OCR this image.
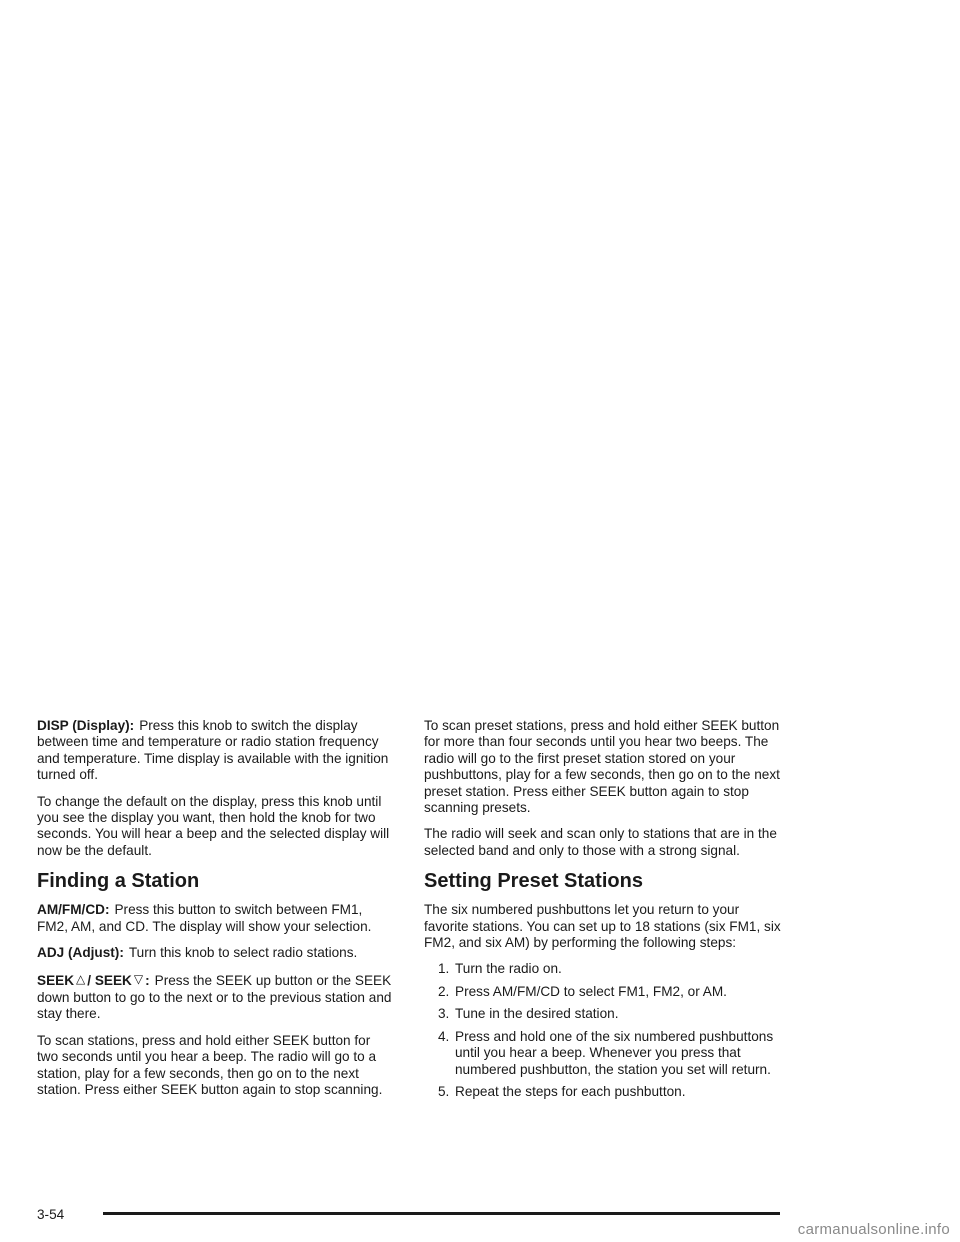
DISP (Display): Press this knob to switch the display between time and temperature or radio station frequency and temperature. Time display is available with the ignition turned off.

To change the default on the display, press this knob until you see the display you want, then hold the knob for two seconds. You will hear a beep and the selected display will now be the default.

Finding a Station

AM/FM/CD: Press this button to switch between FM1, FM2, AM, and CD. The display will show your selection.

ADJ (Adjust): Turn this knob to select radio stations.

SEEK △ / SEEK ▽ : Press the SEEK up button or the SEEK down button to go to the next or to the previous station and stay there.

To scan stations, press and hold either SEEK button for two seconds until you hear a beep. The radio will go to a station, play for a few seconds, then go on to the next station. Press either SEEK button again to stop scanning.

To scan preset stations, press and hold either SEEK button for more than four seconds until you hear two beeps. The radio will go to the first preset station stored on your pushbuttons, play for a few seconds, then go on to the next preset station. Press either SEEK button again to stop scanning presets.

The radio will seek and scan only to stations that are in the selected band and only to those with a strong signal.

Setting Preset Stations

The six numbered pushbuttons let you return to your favorite stations. You can set up to 18 stations (six FM1, six FM2, and six AM) by performing the following steps:

1. Turn the radio on.
2. Press AM/FM/CD to select FM1, FM2, or AM.
3. Tune in the desired station.
4. Press and hold one of the six numbered pushbuttons until you hear a beep. Whenever you press that numbered pushbutton, the station you set will return.
5. Repeat the steps for each pushbutton.
3-54
carmanualsonline.info
